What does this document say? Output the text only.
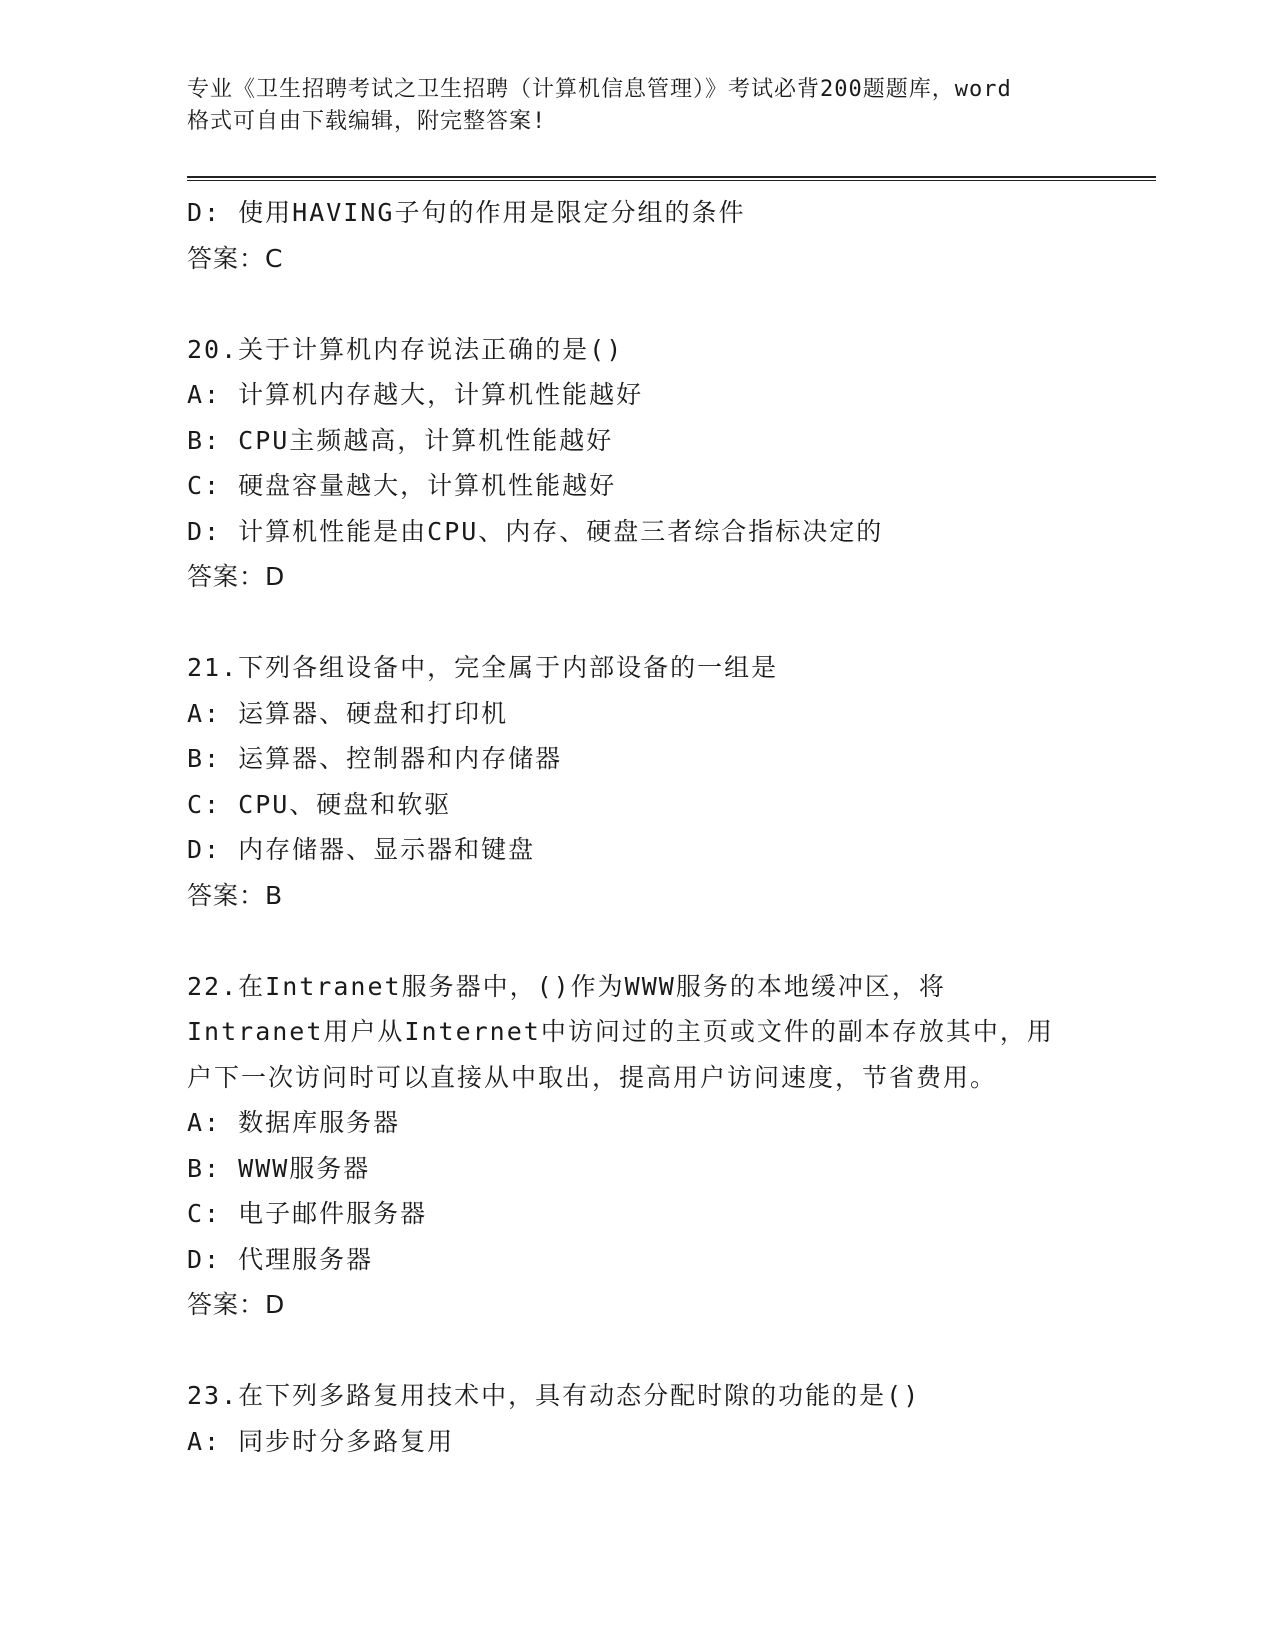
专业《卫生招聘考试之卫生招聘（计算机信息管理）》考试必背200题题库，word
格式可自由下载编辑，附完整答案!
D: 使用HAVING子句的作用是限定分组的条件
答案：C
20.关于计算机内存说法正确的是()
A: 计算机内存越大，计算机性能越好
B: CPU主频越高，计算机性能越好
C: 硬盘容量越大，计算机性能越好
D: 计算机性能是由CPU、内存、硬盘三者综合指标决定的
答案：D
21.下列各组设备中，完全属于内部设备的一组是
A: 运算器、硬盘和打印机
B: 运算器、控制器和内存储器
C: CPU、硬盘和软驱
D: 内存储器、显示器和键盘
答案：B
22.在Intranet服务器中，()作为WWW服务的本地缓冲区，将
Intranet用户从Internet中访问过的主页或文件的副本存放其中，用
户下一次访问时可以直接从中取出，提高用户访问速度，节省费用。
A: 数据库服务器
B: WWW服务器
C: 电子邮件服务器
D: 代理服务器
答案：D
23.在下列多路复用技术中，具有动态分配时隙的功能的是()
A: 同步时分多路复用
